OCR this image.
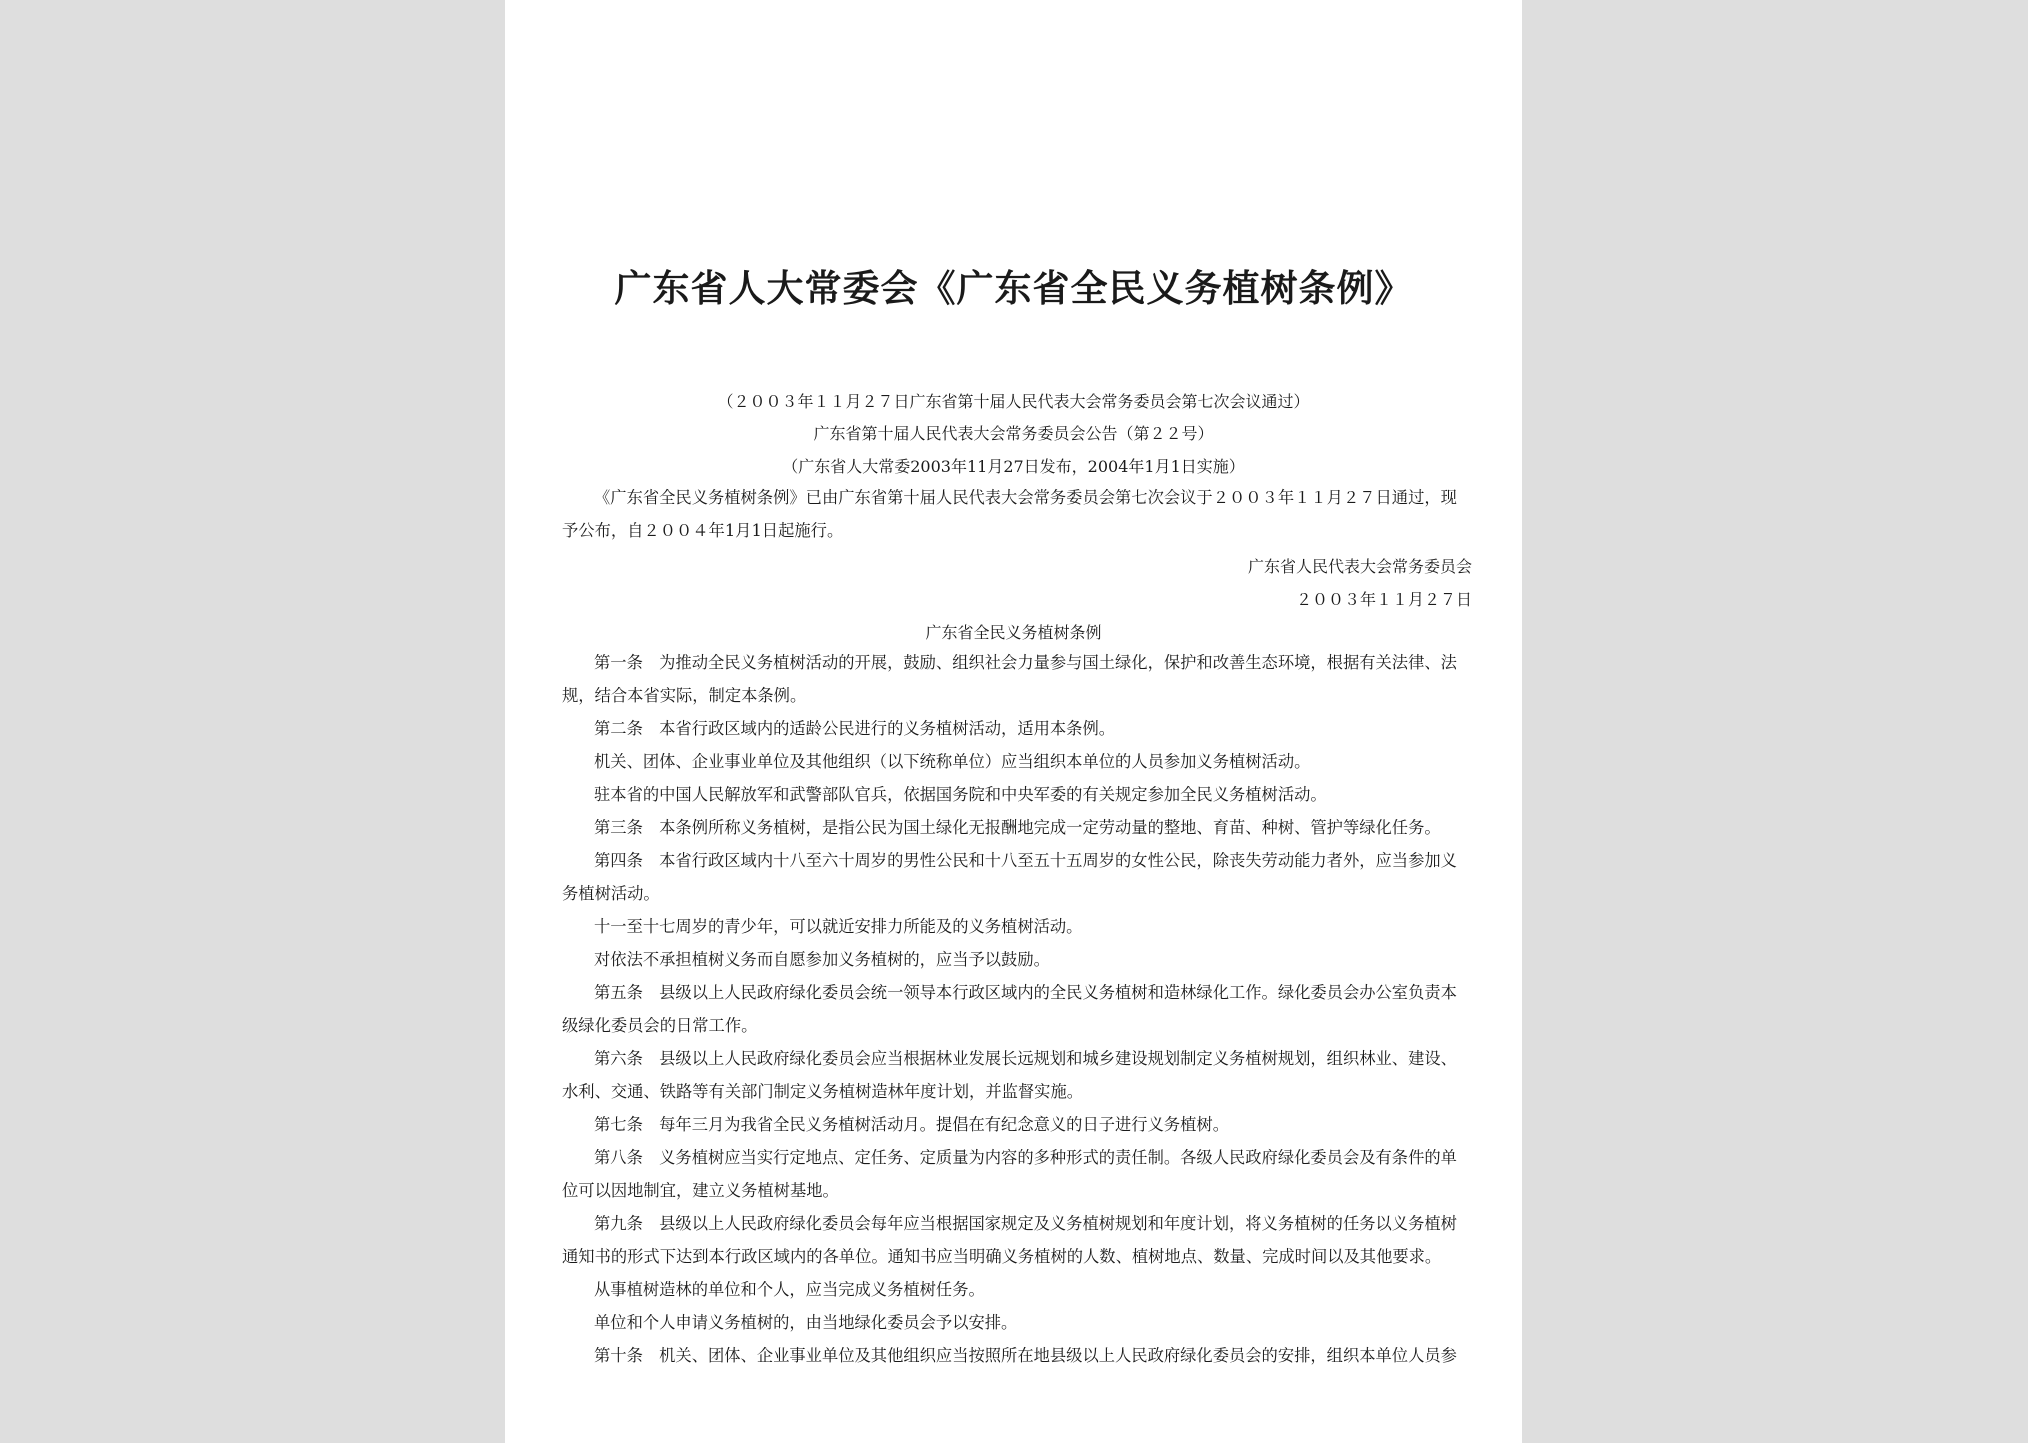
广东省人大常委会《广东省全民义务植树条例》
（２００３年１１月２７日广东省第十届人民代表大会常务委员会第七次会议通过）
广东省第十届人民代表大会常务委员会公告（第２２号）
（广东省人大常委2003年11月27日发布，2004年1月1日实施）
《广东省全民义务植树条例》已由广东省第十届人民代表大会常务委员会第七次会议于２００３年１１月２７日通过，现
予公布，自２００４年1月1日起施行。
广东省人民代表大会常务委员会
２００３年１１月２７日
广东省全民义务植树条例
第一条　为推动全民义务植树活动的开展，鼓励、组织社会力量参与国土绿化，保护和改善生态环境，根据有关法律、法
规，结合本省实际，制定本条例。
第二条　本省行政区域内的适龄公民进行的义务植树活动，适用本条例。
机关、团体、企业事业单位及其他组织（以下统称单位）应当组织本单位的人员参加义务植树活动。
驻本省的中国人民解放军和武警部队官兵，依据国务院和中央军委的有关规定参加全民义务植树活动。
第三条　本条例所称义务植树，是指公民为国土绿化无报酬地完成一定劳动量的整地、育苗、种树、管护等绿化任务。
第四条　本省行政区域内十八至六十周岁的男性公民和十八至五十五周岁的女性公民，除丧失劳动能力者外，应当参加义
务植树活动。
十一至十七周岁的青少年，可以就近安排力所能及的义务植树活动。
对依法不承担植树义务而自愿参加义务植树的，应当予以鼓励。
第五条　县级以上人民政府绿化委员会统一领导本行政区域内的全民义务植树和造林绿化工作。绿化委员会办公室负责本
级绿化委员会的日常工作。
第六条　县级以上人民政府绿化委员会应当根据林业发展长远规划和城乡建设规划制定义务植树规划，组织林业、建设、
水利、交通、铁路等有关部门制定义务植树造林年度计划，并监督实施。
第七条　每年三月为我省全民义务植树活动月。提倡在有纪念意义的日子进行义务植树。
第八条　义务植树应当实行定地点、定任务、定质量为内容的多种形式的责任制。各级人民政府绿化委员会及有条件的单
位可以因地制宜，建立义务植树基地。
第九条　县级以上人民政府绿化委员会每年应当根据国家规定及义务植树规划和年度计划，将义务植树的任务以义务植树
通知书的形式下达到本行政区域内的各单位。通知书应当明确义务植树的人数、植树地点、数量、完成时间以及其他要求。
从事植树造林的单位和个人，应当完成义务植树任务。
单位和个人申请义务植树的，由当地绿化委员会予以安排。
第十条　机关、团体、企业事业单位及其他组织应当按照所在地县级以上人民政府绿化委员会的安排，组织本单位人员参
